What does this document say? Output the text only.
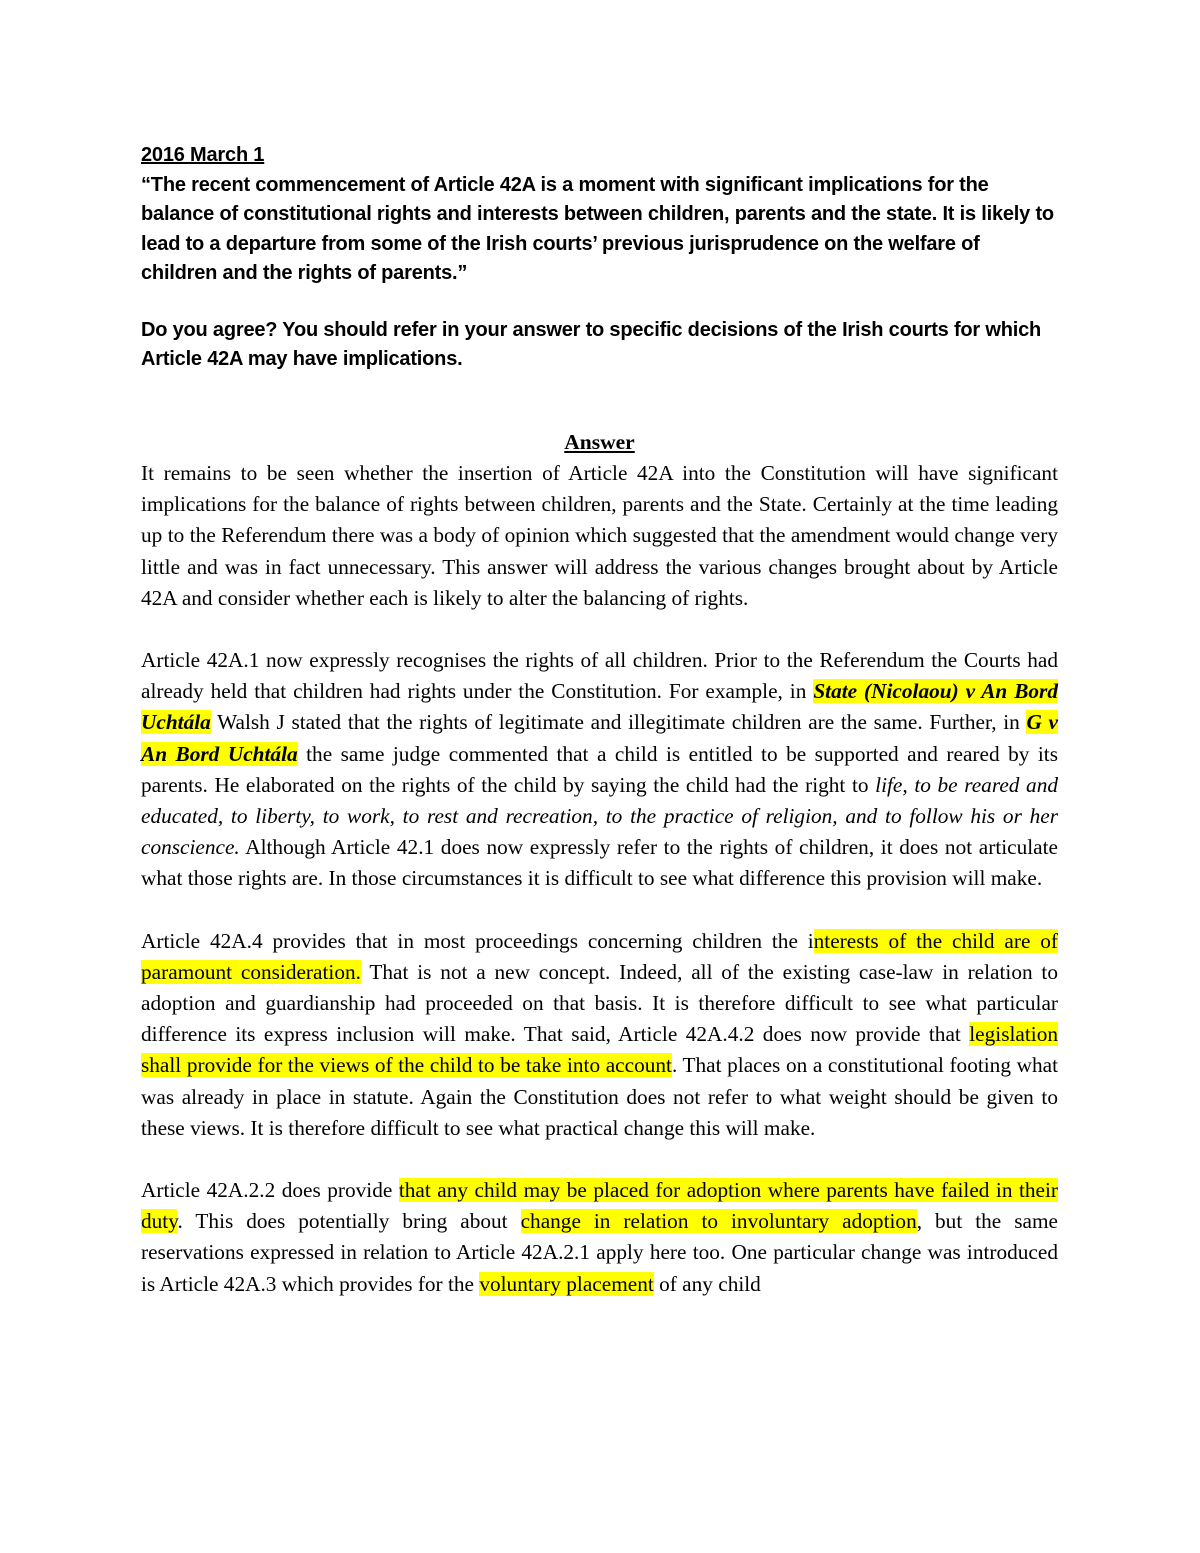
2016 March 1

“The recent commencement of Article 42A is a moment with significant implications for the balance of constitutional rights and interests between children, parents and the state. It is likely to lead to a departure from some of the Irish courts’ previous jurisprudence on the welfare of children and the rights of parents.”

Do you agree? You should refer in your answer to specific decisions of the Irish courts for which Article 42A may have implications.

Answer

It remains to be seen whether the insertion of Article 42A into the Constitution will have significant implications for the balance of rights between children, parents and the State. Certainly at the time leading up to the Referendum there was a body of opinion which suggested that the amendment would change very little and was in fact unnecessary. This answer will address the various changes brought about by Article 42A and consider whether each is likely to alter the balancing of rights.

Article 42A.1 now expressly recognises the rights of all children. Prior to the Referendum the Courts had already held that children had rights under the Constitution. For example, in State (Nicolaou) v An Bord Uchtála Walsh J stated that the rights of legitimate and illegitimate children are the same. Further, in G v An Bord Uchtála the same judge commented that a child is entitled to be supported and reared by its parents. He elaborated on the rights of the child by saying the child had the right to life, to be reared and educated, to liberty, to work, to rest and recreation, to the practice of religion, and to follow his or her conscience. Although Article 42.1 does now expressly refer to the rights of children, it does not articulate what those rights are. In those circumstances it is difficult to see what difference this provision will make.

Article 42A.4 provides that in most proceedings concerning children the interests of the child are of paramount consideration. That is not a new concept. Indeed, all of the existing case-law in relation to adoption and guardianship had proceeded on that basis. It is therefore difficult to see what particular difference its express inclusion will make. That said, Article 42A.4.2 does now provide that legislation shall provide for the views of the child to be take into account. That places on a constitutional footing what was already in place in statute. Again the Constitution does not refer to what weight should be given to these views. It is therefore difficult to see what practical change this will make.

Article 42A.2.2 does provide that any child may be placed for adoption where parents have failed in their duty. This does potentially bring about change in relation to involuntary adoption, but the same reservations expressed in relation to Article 42A.2.1 apply here too. One particular change was introduced is Article 42A.3 which provides for the voluntary placement of any child
